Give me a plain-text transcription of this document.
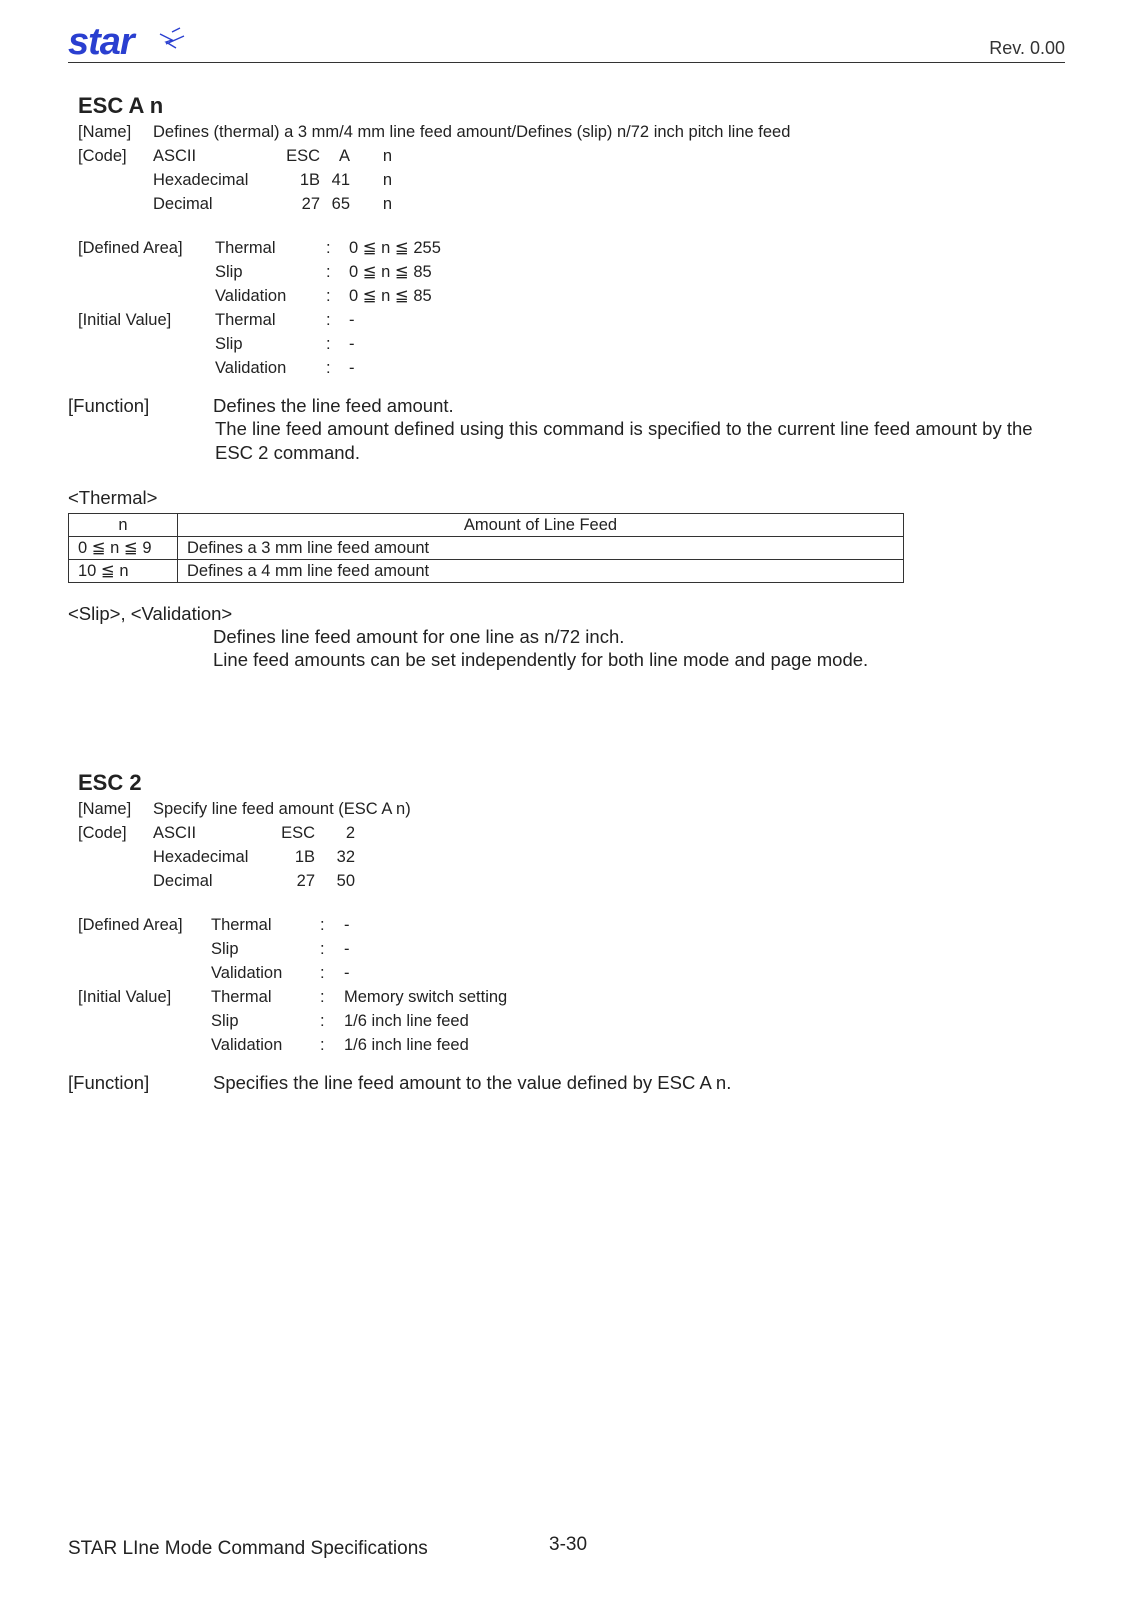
star	Rev. 0.00
ESC A n
[Name] Defines (thermal) a 3 mm/4 mm line feed amount/Defines (slip) n/72 inch pitch line feed
[Code] ASCII	ESC	A	n
Hexadecimal	1B 41	n
Decimal	27 65	n
[Defined Area] Thermal	:	0 ≦ n ≦ 255
Slip	:	0 ≦ n ≦ 85
Validation	:	0 ≦ n ≦ 85
[Initial Value]	Thermal	:	-
Slip	:	-
Validation	:	-
[Function]	Defines the line feed amount.
The line feed amount defined using this command is specified to the current line feed amount by the ESC 2 command.
<Thermal>
n	Amount of Line Feed
0 ≦ n ≦ 9	Defines a 3 mm line feed amount
10 ≦ n	Defines a 4 mm line feed amount
<Slip>, <Validation>
Defines line feed amount for one line as n/72 inch.
Line feed amounts can be set independently for both line mode and page mode.
ESC 2
[Name] Specify line feed amount (ESC A n)
[Code] ASCII	ESC	2
Hexadecimal	1B	32
Decimal	27	50
[Defined Area] Thermal	:	-
Slip	:	-
Validation	:	-
[Initial Value] Thermal	:	Memory switch setting
Slip	:	1/6 inch line feed
Validation	:	1/6 inch line feed
[Function]	Specifies the line feed amount to the value defined by ESC A n.
STAR LIne Mode Command Specifications	3-30
